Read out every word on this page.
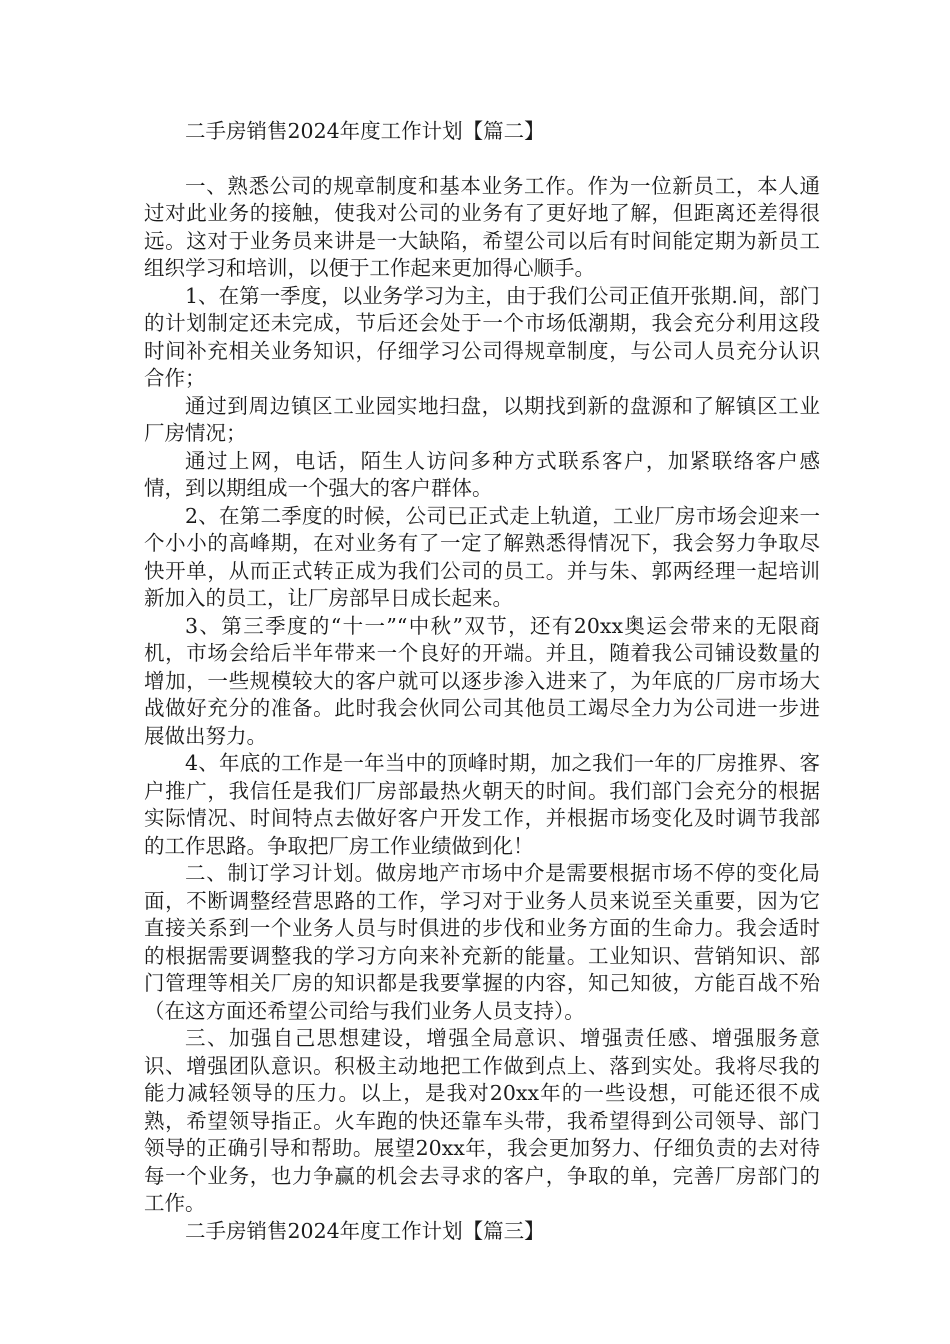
二手房销售2024年度工作计划【篇二】

一、熟悉公司的规章制度和基本业务工作。作为一位新员工，本人通过对此业务的接触，使我对公司的业务有了更好地了解，但距离还差得很远。这对于业务员来讲是一大缺陷，希望公司以后有时间能定期为新员工组织学习和培训，以便于工作起来更加得心顺手。

1、在第一季度，以业务学习为主，由于我们公司正值开张期.间，部门的计划制定还未完成，节后还会处于一个市场低潮期，我会充分利用这段时间补充相关业务知识，仔细学习公司得规章制度，与公司人员充分认识合作；

通过到周边镇区工业园实地扫盘，以期找到新的盘源和了解镇区工业厂房情况；

通过上网，电话，陌生人访问多种方式联系客户，加紧联络客户感情，到以期组成一个强大的客户群体。

2、在第二季度的时候，公司已正式走上轨道，工业厂房市场会迎来一个小小的高峰期，在对业务有了一定了解熟悉得情况下，我会努力争取尽快开单，从而正式转正成为我们公司的员工。并与朱、郭两经理一起培训新加入的员工，让厂房部早日成长起来。

3、第三季度的“十一”“中秋”双节，还有20xx奥运会带来的无限商机，市场会给后半年带来一个良好的开端。并且，随着我公司铺设数量的增加，一些规模较大的客户就可以逐步渗入进来了，为年底的厂房市场大战做好充分的准备。此时我会伙同公司其他员工竭尽全力为公司进一步进展做出努力。

4、年底的工作是一年当中的顶峰时期，加之我们一年的厂房推界、客户推广，我信任是我们厂房部最热火朝天的时间。我们部门会充分的根据实际情况、时间特点去做好客户开发工作，并根据市场变化及时调节我部的工作思路。争取把厂房工作业绩做到化！

二、制订学习计划。做房地产市场中介是需要根据市场不停的变化局面，不断调整经营思路的工作，学习对于业务人员来说至关重要，因为它直接关系到一个业务人员与时俱进的步伐和业务方面的生命力。我会适时的根据需要调整我的学习方向来补充新的能量。工业知识、营销知识、部门管理等相关厂房的知识都是我要掌握的内容，知己知彼，方能百战不殆（在这方面还希望公司给与我们业务人员支持）。

三、加强自己思想建设，增强全局意识、增强责任感、增强服务意识、增强团队意识。积极主动地把工作做到点上、落到实处。我将尽我的能力减轻领导的压力。以上，是我对20xx年的一些设想，可能还很不成熟，希望领导指正。火车跑的快还靠车头带，我希望得到公司领导、部门领导的正确引导和帮助。展望20xx年，我会更加努力、仔细负责的去对待每一个业务，也力争赢的机会去寻求的客户，争取的单，完善厂房部门的工作。

二手房销售2024年度工作计划【篇三】
